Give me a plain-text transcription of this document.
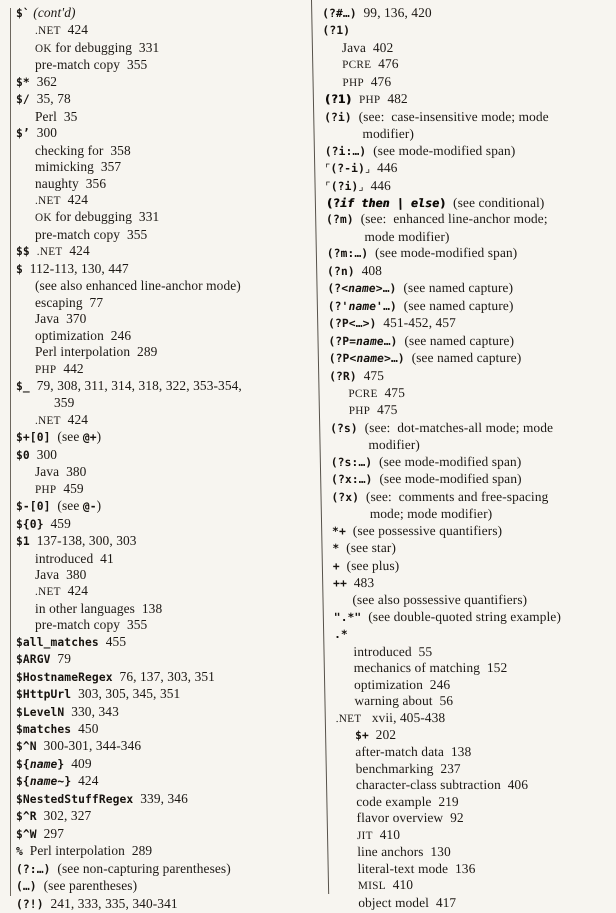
$` (cont'd)
.NET  424
OK for debugging  331
pre-match copy  355
$*  362
$/  35, 78
Perl  35
$’  300
checking for  358
mimicking  357
naughty  356
.NET  424
OK for debugging  331
pre-match copy  355
$$ .NET  424
$  112-113, 130, 447
(see also enhanced line-anchor mode)
escaping  77
Java  370
optimization  246
Perl interpolation  289
PHP  442
$_  79, 308, 311, 314, 318, 322, 353-354,
359
.NET  424
$+[0]  (see @+)
$0  300
Java  380
PHP  459
$-[0]  (see @-)
${0}  459
$1  137-138, 300, 303
introduced  41
Java  380
.NET  424
in other languages  138
pre-match copy  355
$all_matches  455
$ARGV  79
$HostnameRegex  76, 137, 303, 351
$HttpUrl  303, 305, 345, 351
$LevelN  330, 343
$matches  450
$^N  300-301, 344-346
${name}  409
${name~}  424
$NestedStuffRegex  339, 346
$^R  302, 327
$^W  297
%  Perl interpolation  289
(?:…)  (see non-capturing parentheses)
(…)  (see parentheses)
(?!)  241, 333, 335, 340-341
(?#…)  99, 136, 420
(?1)
Java  402
PCRE  476
PHP  476
(?1) PHP  482
(?i)  (see:  case-insensitive mode; mode
modifier)
(?i:…)  (see mode-modified span)
⌜(?-i)⌟  446
⌜(?i)⌟  446
(?if then | else)  (see conditional)
(?m)  (see:  enhanced line-anchor mode;
mode modifier)
(?m:…)  (see mode-modified span)
(?n)  408
(?<name>…)  (see named capture)
(?'name'…)  (see named capture)
(?P<…>)  451-452, 457
(?P=name…)  (see named capture)
(?P<name>…)  (see named capture)
(?R)  475
PCRE  475
PHP  475
(?s)  (see:  dot-matches-all mode; mode
modifier)
(?s:…)  (see mode-modified span)
(?x:…)  (see mode-modified span)
(?x)  (see:  comments and free-spacing
mode; mode modifier)
*+  (see possessive quantifiers)
*  (see star)
+  (see plus)
++  483
(see also possessive quantifiers)
".*"  (see double-quoted string example)
.*
introduced  55
mechanics of matching  152
optimization  246
warning about  56
.NET   xvii, 405-438
$+  202
after-match data  138
benchmarking  237
character-class subtraction  406
code example  219
flavor overview  92
JIT  410
line anchors  130
literal-text mode  136
MISL  410
object model  417
